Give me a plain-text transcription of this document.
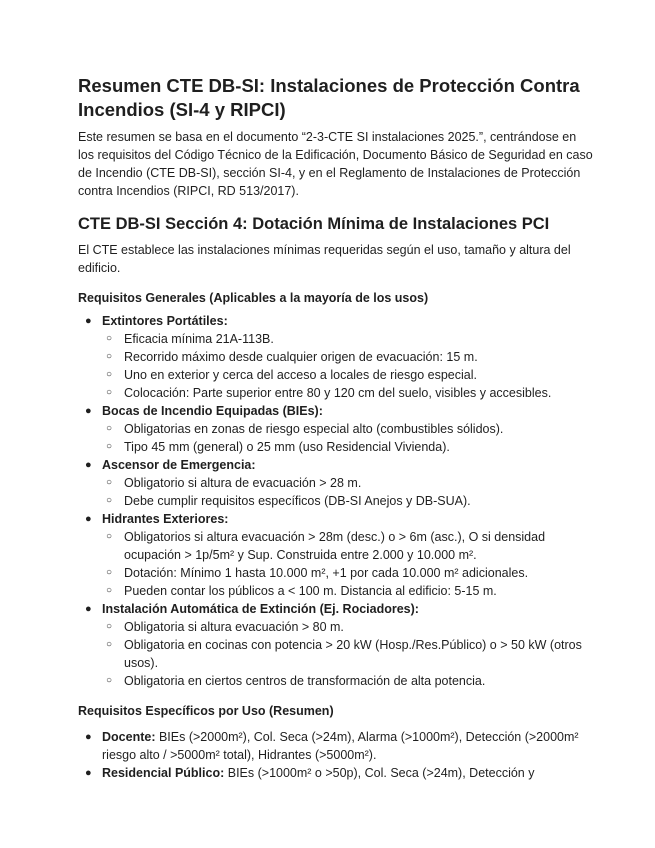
Resumen CTE DB-SI: Instalaciones de Protección Contra Incendios (SI-4 y RIPCI)

Este resumen se basa en el documento “2-3-CTE SI instalaciones 2025.”, centrándose en los requisitos del Código Técnico de la Edificación, Documento Básico de Seguridad en caso de Incendio (CTE DB-SI), sección SI-4, y en el Reglamento de Instalaciones de Protección contra Incendios (RIPCI, RD 513/2017).

CTE DB-SI Sección 4: Dotación Mínima de Instalaciones PCI

El CTE establece las instalaciones mínimas requeridas según el uso, tamaño y altura del edificio.

Requisitos Generales (Aplicables a la mayoría de los usos)
● Extintores Portátiles:
○ Eficacia mínima 21A-113B.
○ Recorrido máximo desde cualquier origen de evacuación: 15 m.
○ Uno en exterior y cerca del acceso a locales de riesgo especial.
○ Colocación: Parte superior entre 80 y 120 cm del suelo, visibles y accesibles.
● Bocas de Incendio Equipadas (BIEs):
○ Obligatorias en zonas de riesgo especial alto (combustibles sólidos).
○ Tipo 45 mm (general) o 25 mm (uso Residencial Vivienda).
● Ascensor de Emergencia:
○ Obligatorio si altura de evacuación > 28 m.
○ Debe cumplir requisitos específicos (DB-SI Anejos y DB-SUA).
● Hidrantes Exteriores:
○ Obligatorios si altura evacuación > 28m (desc.) o > 6m (asc.), O si densidad ocupación > 1p/5m² y Sup. Construida entre 2.000 y 10.000 m².
○ Dotación: Mínimo 1 hasta 10.000 m², +1 por cada 10.000 m² adicionales.
○ Pueden contar los públicos a < 100 m. Distancia al edificio: 5-15 m.
● Instalación Automática de Extinción (Ej. Rociadores):
○ Obligatoria si altura evacuación > 80 m.
○ Obligatoria en cocinas con potencia > 20 kW (Hosp./Res.Público) o > 50 kW (otros usos).
○ Obligatoria en ciertos centros de transformación de alta potencia.
Requisitos Específicos por Uso (Resumen)
● Docente: BIEs (>2000m²), Col. Seca (>24m), Alarma (>1000m²), Detección (>2000m² riesgo alto / >5000m² total), Hidrantes (>5000m²).
● Residencial Público: BIEs (>1000m² o >50p), Col. Seca (>24m), Detección y
